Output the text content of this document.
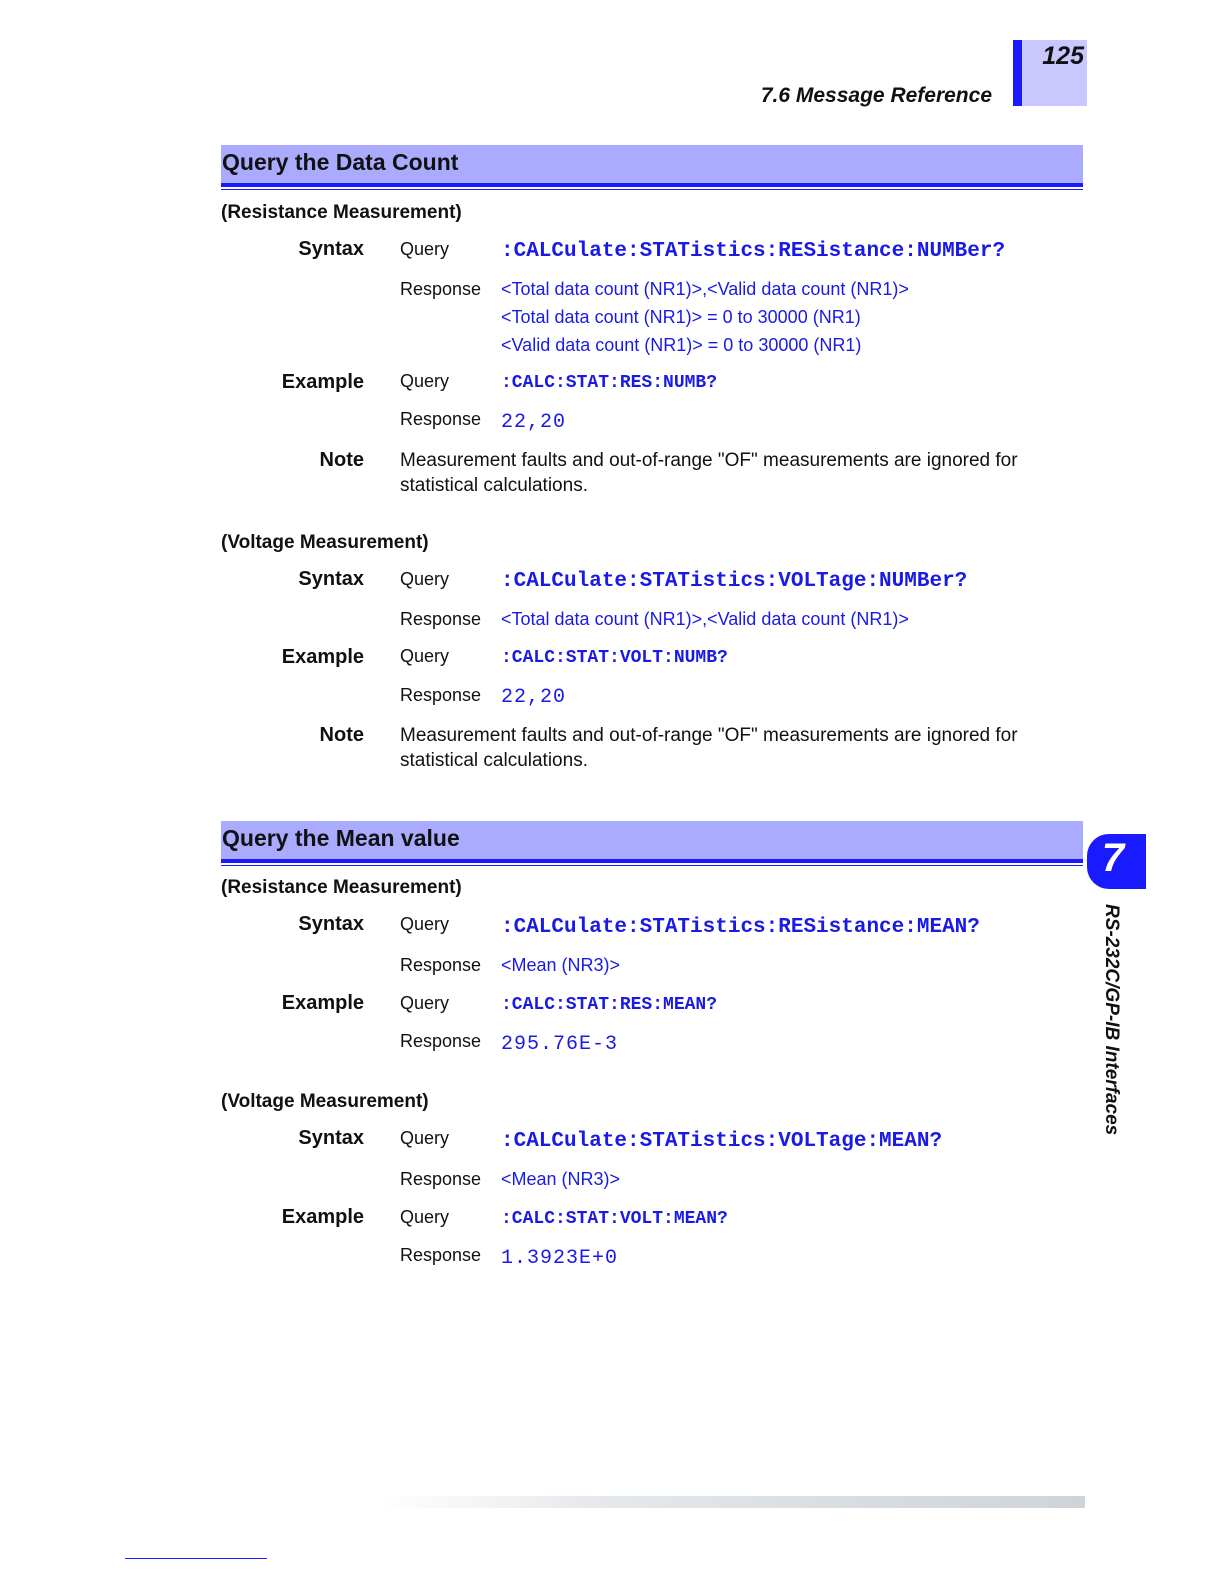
125
7.6 Message Reference
Query the Data Count
(Resistance Measurement)
Syntax Query :CALCulate:STATistics:RESistance:NUMBer?
Response <Total data count (NR1)>,<Valid data count (NR1)>
<Total data count (NR1)> = 0 to 30000 (NR1)
<Valid data count (NR1)> = 0 to 30000 (NR1)
Example Query	:CALC:STAT:RES:NUMB?
Response 22,20
Note Measurement faults and out-of-range "OF" measurements are ignored for statistical calculations.
(Voltage Measurement)
Syntax Query :CALCulate:STATistics:VOLTage:NUMBer?
Response <Total data count (NR1)>,<Valid data count (NR1)>
Example Query	:CALC:STAT:VOLT:NUMB?
Response 22,20
Note Measurement faults and out-of-range "OF" measurements are ignored for statistical calculations.
Query the Mean value
(Resistance Measurement)
Syntax Query :CALCulate:STATistics:RESistance:MEAN?
Response <Mean (NR3)>
Example Query	:CALC:STAT:RES:MEAN?
Response 295.76E-3
(Voltage Measurement)
Syntax Query :CALCulate:STATistics:VOLTage:MEAN?
Response <Mean (NR3)>
Example Query	:CALC:STAT:VOLT:MEAN?
Response 1.3923E+0
7
RS-232C/GP-IB Interfaces
